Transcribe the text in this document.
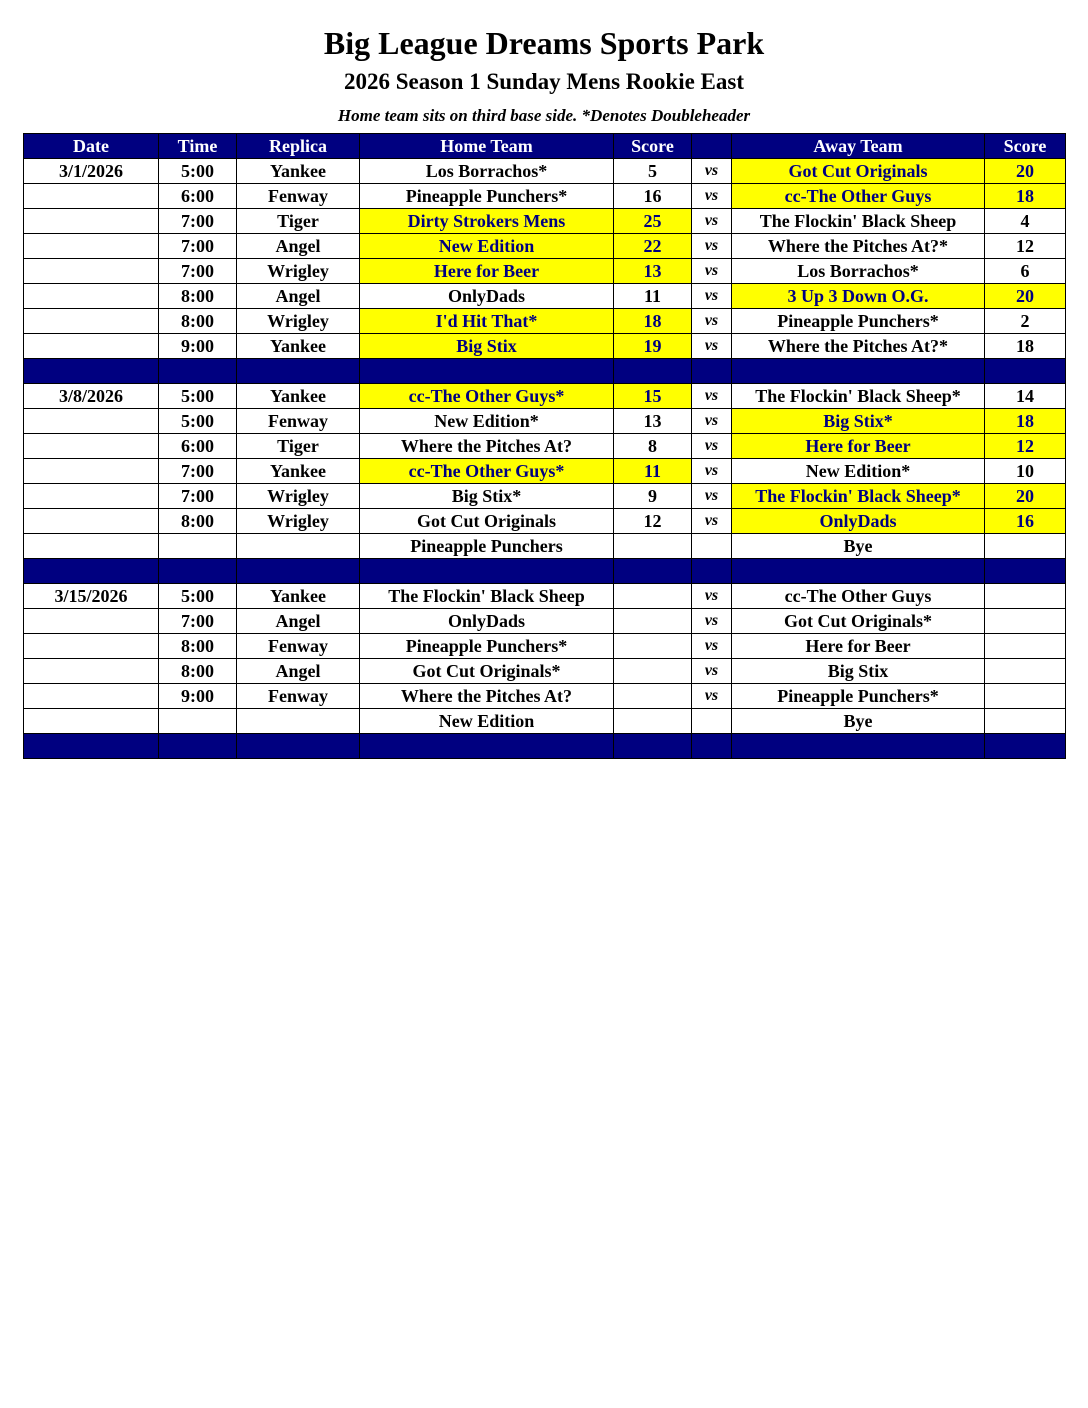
Big League Dreams Sports Park
2026 Season 1 Sunday Mens Rookie East
Home team sits on third base side. *Denotes Doubleheader
Date	Time	Replica	Home Team	Score		Away Team	Score
3/1/2026	5:00	Yankee	Los Borrachos*	5	vs	Got Cut Originals	20
	6:00	Fenway	Pineapple Punchers*	16	vs	cc-The Other Guys	18
	7:00	Tiger	Dirty Strokers Mens	25	vs	The Flockin' Black Sheep	4
	7:00	Angel	New Edition	22	vs	Where the Pitches At?*	12
	7:00	Wrigley	Here for Beer	13	vs	Los Borrachos*	6
	8:00	Angel	OnlyDads	11	vs	3 Up 3 Down O.G.	20
	8:00	Wrigley	I'd Hit That*	18	vs	Pineapple Punchers*	2
	9:00	Yankee	Big Stix	19	vs	Where the Pitches At?*	18

3/8/2026	5:00	Yankee	cc-The Other Guys*	15	vs	The Flockin' Black Sheep*	14
	5:00	Fenway	New Edition*	13	vs	Big Stix*	18
	6:00	Tiger	Where the Pitches At?	8	vs	Here for Beer	12
	7:00	Yankee	cc-The Other Guys*	11	vs	New Edition*	10
	7:00	Wrigley	Big Stix*	9	vs	The Flockin' Black Sheep*	20
	8:00	Wrigley	Got Cut Originals	12	vs	OnlyDads	16
			Pineapple Punchers			Bye	

3/15/2026	5:00	Yankee	The Flockin' Black Sheep		vs	cc-The Other Guys	
	7:00	Angel	OnlyDads		vs	Got Cut Originals*	
	8:00	Fenway	Pineapple Punchers*		vs	Here for Beer	
	8:00	Angel	Got Cut Originals*		vs	Big Stix	
	9:00	Fenway	Where the Pitches At?		vs	Pineapple Punchers*	
			New Edition			Bye	
